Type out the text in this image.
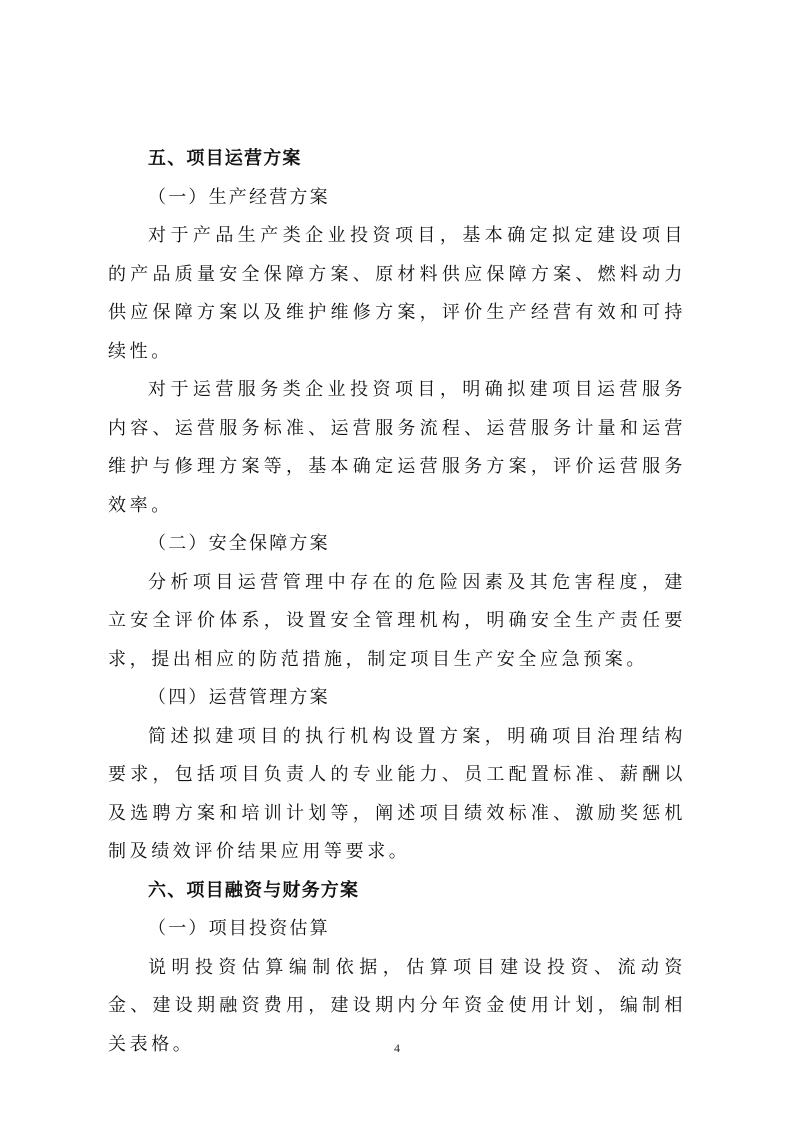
五、项目运营方案

（一）生产经营方案

对于产品生产类企业投资项目，基本确定拟定建设项目的产品质量安全保障方案、原材料供应保障方案、燃料动力供应保障方案以及维护维修方案，评价生产经营有效和可持续性。

对于运营服务类企业投资项目，明确拟建项目运营服务内容、运营服务标准、运营服务流程、运营服务计量和运营维护与修理方案等，基本确定运营服务方案，评价运营服务效率。

（二）安全保障方案

分析项目运营管理中存在的危险因素及其危害程度，建立安全评价体系，设置安全管理机构，明确安全生产责任要求，提出相应的防范措施，制定项目生产安全应急预案。

（四）运营管理方案

简述拟建项目的执行机构设置方案，明确项目治理结构要求，包括项目负责人的专业能力、员工配置标准、薪酬以及选聘方案和培训计划等，阐述项目绩效标准、激励奖惩机制及绩效评价结果应用等要求。

六、项目融资与财务方案

（一）项目投资估算

说明投资估算编制依据，估算项目建设投资、流动资金、建设期融资费用，建设期内分年资金使用计划，编制相关表格。	4
